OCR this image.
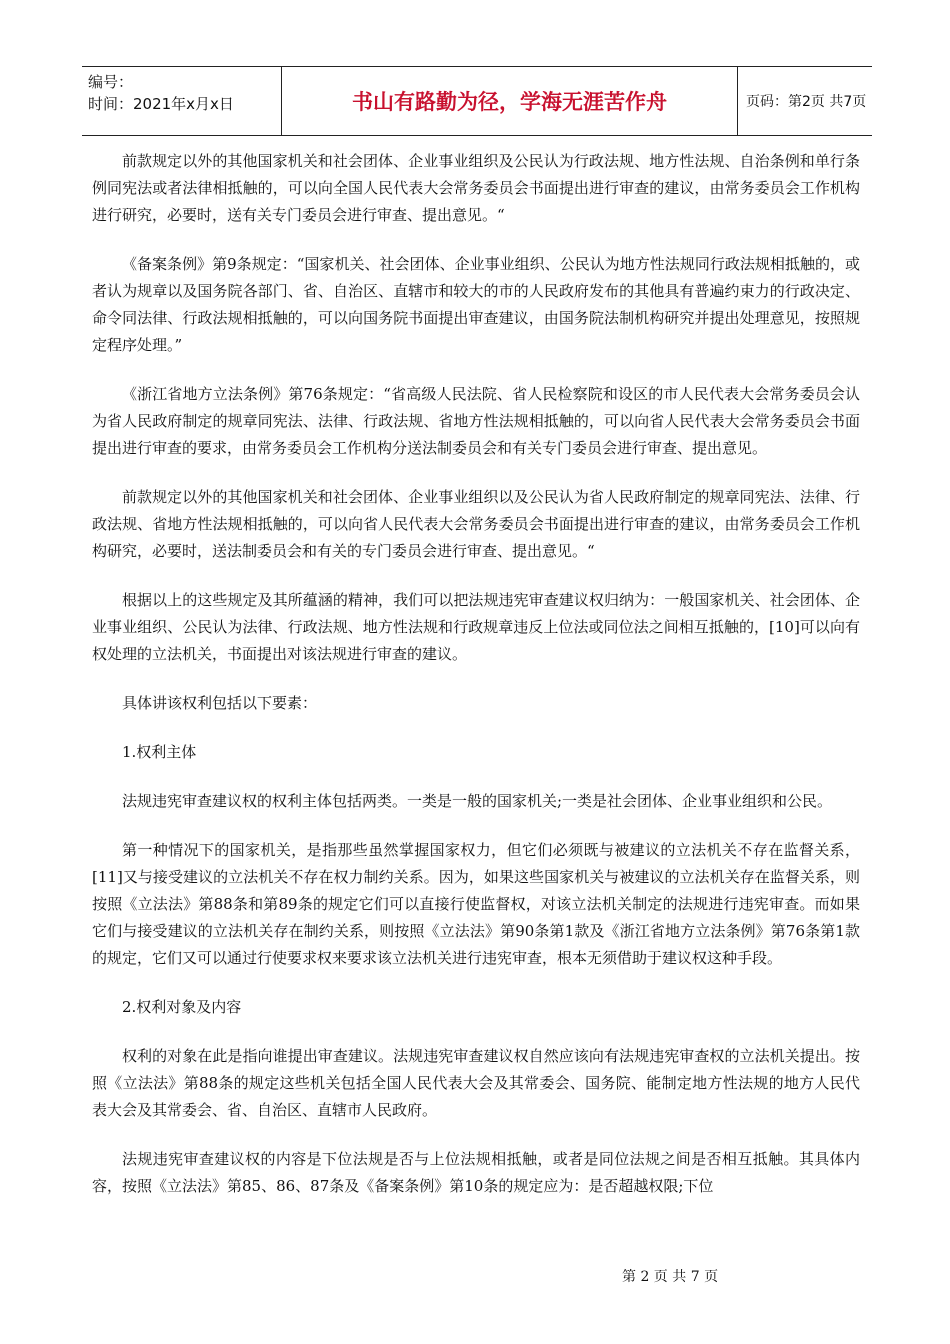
编号：
时间：2021年x月x日	书山有路勤为径，学海无涯苦作舟	页码：第2页 共7页

前款规定以外的其他国家机关和社会团体、企业事业组织及公民认为行政法规、地方性法规、自治条例和单行条例同宪法或者法律相抵触的，可以向全国人民代表大会常务委员会书面提出进行审查的建议，由常务委员会工作机构进行研究，必要时，送有关专门委员会进行审查、提出意见。“

《备案条例》第9条规定：“国家机关、社会团体、企业事业组织、公民认为地方性法规同行政法规相抵触的，或者认为规章以及国务院各部门、省、自治区、直辖市和较大的市的人民政府发布的其他具有普遍约束力的行政决定、命令同法律、行政法规相抵触的，可以向国务院书面提出审查建议，由国务院法制机构研究并提出处理意见，按照规定程序处理。”

《浙江省地方立法条例》第76条规定：“省高级人民法院、省人民检察院和设区的市人民代表大会常务委员会认为省人民政府制定的规章同宪法、法律、行政法规、省地方性法规相抵触的，可以向省人民代表大会常务委员会书面提出进行审查的要求，由常务委员会工作机构分送法制委员会和有关专门委员会进行审查、提出意见。

前款规定以外的其他国家机关和社会团体、企业事业组织以及公民认为省人民政府制定的规章同宪法、法律、行政法规、省地方性法规相抵触的，可以向省人民代表大会常务委员会书面提出进行审查的建议，由常务委员会工作机构研究，必要时，送法制委员会和有关的专门委员会进行审查、提出意见。“

根据以上的这些规定及其所蕴涵的精神，我们可以把法规违宪审查建议权归纳为：一般国家机关、社会团体、企业事业组织、公民认为法律、行政法规、地方性法规和行政规章违反上位法或同位法之间相互抵触的，[10]可以向有权处理的立法机关，书面提出对该法规进行审查的建议。

具体讲该权利包括以下要素：

1.权利主体

法规违宪审查建议权的权利主体包括两类。一类是一般的国家机关;一类是社会团体、企业事业组织和公民。

第一种情况下的国家机关，是指那些虽然掌握国家权力，但它们必须既与被建议的立法机关不存在监督关系，[11]又与接受建议的立法机关不存在权力制约关系。因为，如果这些国家机关与被建议的立法机关存在监督关系，则按照《立法法》第88条和第89条的规定它们可以直接行使监督权，对该立法机关制定的法规进行违宪审查。而如果它们与接受建议的立法机关存在制约关系，则按照《立法法》第90条第1款及《浙江省地方立法条例》第76条第1款的规定，它们又可以通过行使要求权来要求该立法机关进行违宪审查，根本无须借助于建议权这种手段。

2.权利对象及内容

权利的对象在此是指向谁提出审查建议。法规违宪审查建议权自然应该向有法规违宪审查权的立法机关提出。按照《立法法》第88条的规定这些机关包括全国人民代表大会及其常委会、国务院、能制定地方性法规的地方人民代表大会及其常委会、省、自治区、直辖市人民政府。

法规违宪审查建议权的内容是下位法规是否与上位法规相抵触，或者是同位法规之间是否相互抵触。其具体内容，按照《立法法》第85、86、87条及《备案条例》第10条的规定应为：是否超越权限;下位

第 2 页 共 7 页
